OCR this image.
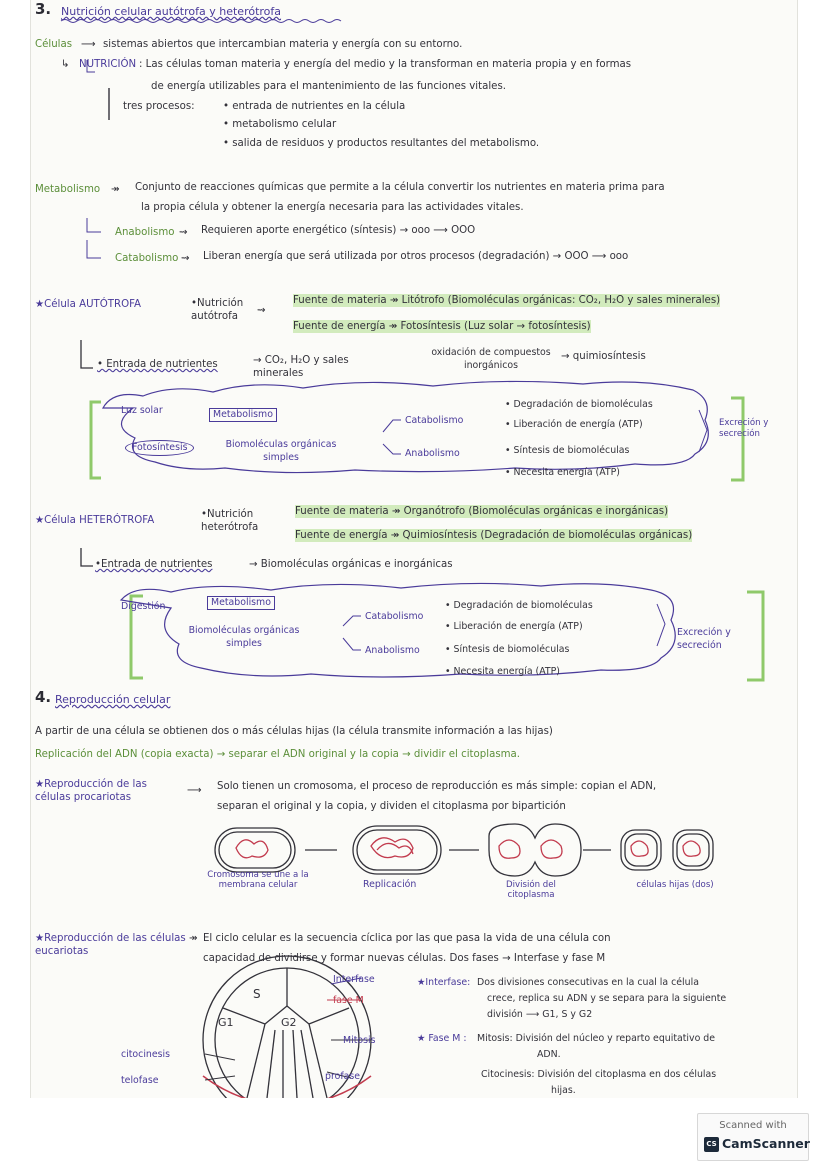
3. Nutrición celular autótrofa y heterótrofa
Células ⟶ sistemas abiertos que intercambian materia y energía con su entorno.
↳ NUTRICIÓN : Las células toman materia y energía del medio y la transforman en materia propia y en formas
de energía utilizables para el mantenimiento de las funciones vitales.
tres procesos:	• entrada de nutrientes en la célula
• metabolismo celular
• salida de residuos y productos resultantes del metabolismo.
Metabolismo ↠ Conjunto de reacciones químicas que permite a la célula convertir los nutrientes en materia prima para
la propia célula y obtener la energía necesaria para las actividades vitales.
Anabolismo ⇝ Requieren aporte energético (síntesis) → ooo ⟶ OOO
Catabolismo ⇝ Liberan energía que será utilizada por otros procesos (degradación) → OOO ⟶ ooo
★Célula AUTÓTROFA	•Nutrición autótrofa
⇝
Fuente de materia ↠ Litótrofo (Biomoléculas orgánicas: CO₂, H₂O y sales minerales)
Fuente de energía ↠ Fotosíntesis (Luz solar → fotosíntesis)
• Entrada de nutrientes	→ CO₂, H₂O y sales minerales
oxidación de compuestos inorgánicos
→ quimiosíntesis
Luz solar	Metabolismo
Fotosíntesis	Biomoléculas orgánicas simples
Catabolismo
Anabolismo
• Degradación de biomoléculas
• Liberación de energía (ATP)
• Síntesis de biomoléculas
• Necesita energía (ATP)
Excreción y secreción
★Célula HETERÓTROFA
•Nutrición heterótrofa
Fuente de materia ↠ Organótrofo (Biomoléculas orgánicas e inorgánicas)
Fuente de energía ↠ Quimiosíntesis (Degradación de biomoléculas orgánicas)
•Entrada de nutrientes	→ Biomoléculas orgánicas e inorgánicas
Digestión	Metabolismo
Biomoléculas orgánicas simples
Catabolismo
Anabolismo
• Degradación de biomoléculas
• Liberación de energía (ATP)
• Síntesis de biomoléculas
• Necesita energía (ATP)
Excreción y secreción
4. Reproducción celular
A partir de una célula se obtienen dos o más células hijas (la célula transmite información a las hijas)
Replicación del ADN (copia exacta) → separar el ADN original y la copia → dividir el citoplasma.
★Reproducción de las células procariotas
⟶ Solo tienen un cromosoma, el proceso de reproducción es más simple: copian el ADN,
separan el original y la copia, y dividen el citoplasma por bipartición
Cromosoma se une a la membrana celular	Replicación	División del citoplasma
células hijas (dos)
★Reproducción de las células eucariotas
↠ El ciclo celular es la secuencia cíclica por las que pasa la vida de una célula con
capacidad de dividirse y formar nuevas células. Dos fases → Interfase y fase M
S
G1	G2
Interfase
fase M
Mitosis
citocinesis
telofase	profase
★Interfase: Dos divisiones consecutivas en la cual la célula
crece, replica su ADN y se separa para la siguiente
división ⟶ G1, S y G2
★ Fase M : Mitosis: División del núcleo y reparto equitativo de
ADN.
Citocinesis: División del citoplasma en dos células
hijas.
Scanned with
CS CamScanner
